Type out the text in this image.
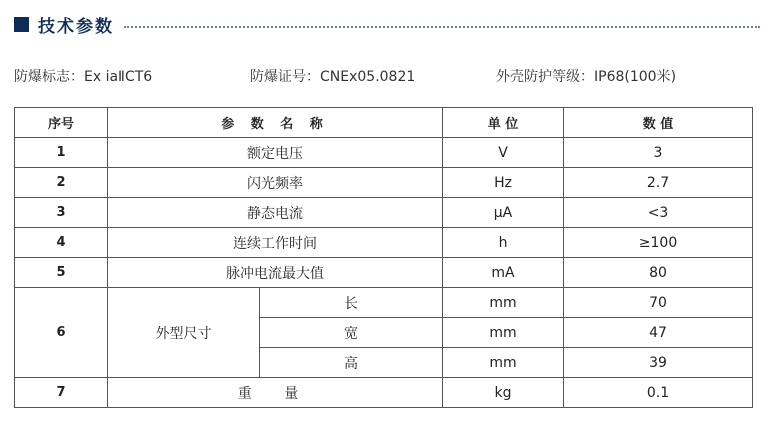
技术参数
防爆标志：Ex iaⅡCT6	防爆证号：CNEx05.0821	外壳防护等级：IP68(100米)
序号	参 数 名 称		单 位	数 值
1	额定电压		V	3
2	闪光频率		Hz	2.7
3	静态电流		μA	<3
4	连续工作时间		h	≥100
5	脉冲电流最大值		mA	80
6	外型尺寸	长	mm	70
		宽	mm	47
		高	mm	39
7	重 量		kg	0.1
